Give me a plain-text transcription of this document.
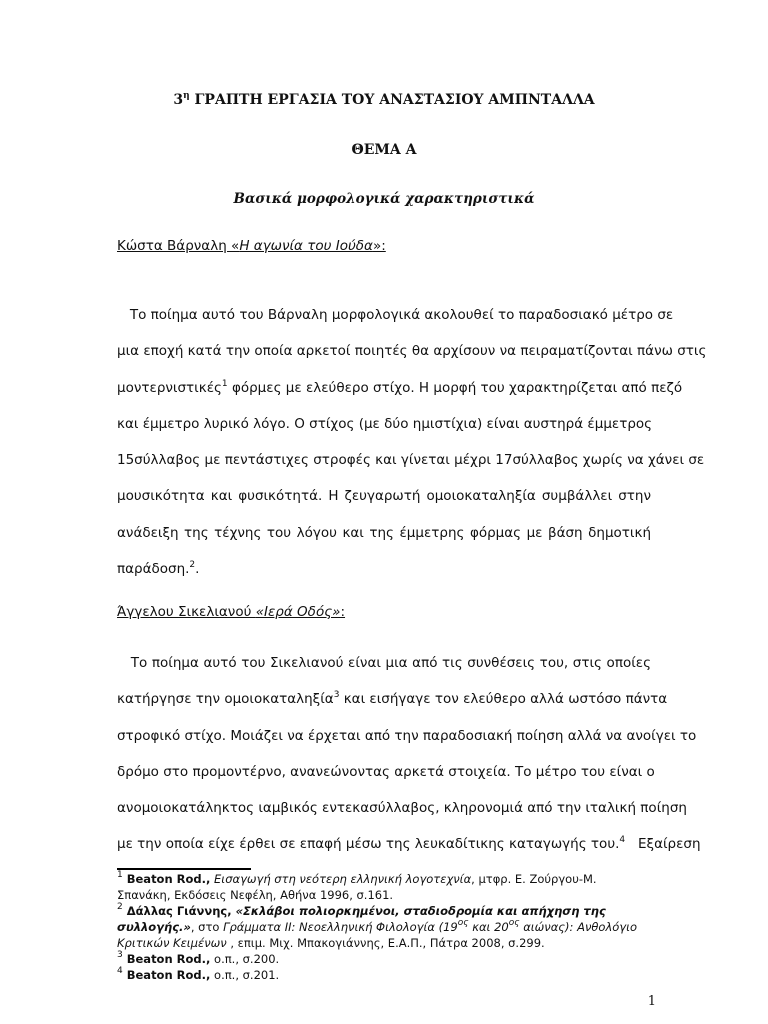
$3^\eta$ ΓΡΑΠΤΗ ΕΡΓΑΣΙΑ ΤΟΥ ΑΝΑΣΤΑΣΙΟΥ ΑΜΠΝΤΑΛΛΑ
ΘΕΜΑ Α
Βασικά μορφολογικά χαρακτηριστικά
Κώστα Βάρναλη «Η αγωνία του Ιούδα»:
Το ποίημα αυτό του Βάρναλη μορφολογικά ακολουθεί το παραδοσιακό μέτρο σε
μια εποχή κατά την οποία αρκετοί ποιητές θα αρχίσουν να πειραματίζονται πάνω στις
μοντερνιστικές$^1$ φόρμες με ελεύθερο στίχο. Η μορφή του χαρακτηρίζεται από πεζό
και έμμετρο λυρικό λόγο. Ο στίχος (με δύο ημιστίχια) είναι αυστηρά έμμετρος
15σύλλαβος με πεντάστιχες στροφές και γίνεται μέχρι 17σύλλαβος χωρίς να χάνει σε
μουσικότητα και φυσικότητά. Η ζευγαρωτή ομοιοκαταληξία συμβάλλει στην
ανάδειξη της τέχνης του λόγου και της έμμετρης φόρμας με βάση δημοτική
παράδοση.$^2$.
Άγγελου Σικελιανού «Ιερά Οδός»:
Το ποίημα αυτό του Σικελιανού είναι μια από τις συνθέσεις του, στις οποίες
κατήργησε την ομοιοκαταληξία$^3$ και εισήγαγε τον ελεύθερο αλλά ωστόσο πάντα
στροφικό στίχο. Μοιάζει να έρχεται από την παραδοσιακή ποίηση αλλά να ανοίγει το
δρόμο στο προμοντέρνο, ανανεώνοντας αρκετά στοιχεία. Το μέτρο του είναι ο
ανομοιοκατάληκτος ιαμβικός εντεκασύλλαβος, κληρονομιά από την ιταλική ποίηση
με την οποία είχε έρθει σε επαφή μέσω της λευκαδίτικης καταγωγής του.$^4$   Εξαίρεση

$^1$ Beaton Rod., Εισαγωγή στη νεότερη ελληνική λογοτεχνία, μτφρ. Ε. Ζούργου-Μ. Σπανάκη, Εκδόσεις Νεφέλη, Αθήνα 1996, σ.161.

$^2$ Δάλλας Γιάννης, «Σκλάβοι πολιορκημένοι, σταδιοδρομία και απήχηση της συλλογής.», στο Γράμματα ΙΙ: Νεοελληνική Φιλολογία ($19^{o\varsigma}$ και $20^{o\varsigma}$ αιώνας): Ανθολόγιο Κριτικών Κειμένων , επιμ. Μιχ. Μπακογιάννης, Ε.Α.Π., Πάτρα 2008, σ.299.

$^3$ Beaton Rod., ο.π., σ.200.

$^4$ Beaton Rod., ο.π., σ.201.

1
